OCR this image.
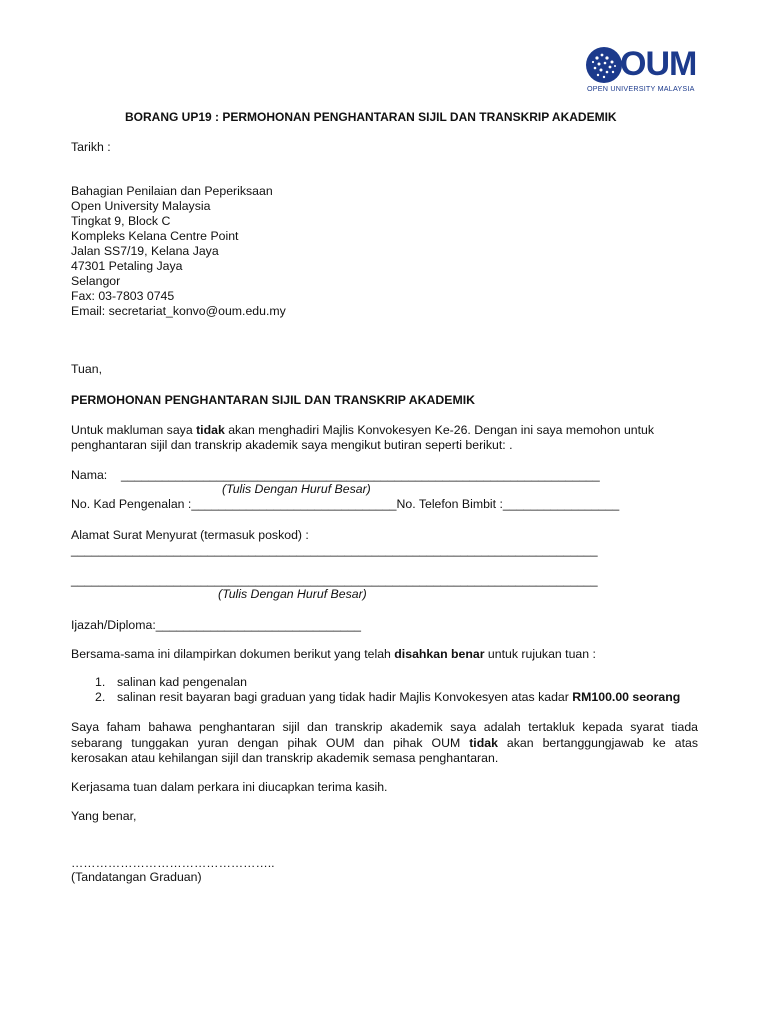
OUM
OPEN UNIVERSITY MALAYSIA
BORANG UP19 : PERMOHONAN PENGHANTARAN SIJIL DAN TRANSKRIP AKADEMIK
Tarikh :
Bahagian Penilaian dan Peperiksaan
Open University Malaysia
Tingkat 9, Block C
Kompleks Kelana Centre Point
Jalan SS7/19, Kelana Jaya
47301 Petaling Jaya
Selangor
Fax: 03-7803 0745
Email: secretariat_konvo@oum.edu.my
Tuan,
PERMOHONAN PENGHANTARAN SIJIL DAN TRANSKRIP AKADEMIK
Untuk makluman saya tidak akan menghadiri Majlis Konvokesyen Ke-26. Dengan ini saya memohon untuk
penghantaran sijil dan transkrip akademik saya mengikut butiran seperti berikut: .
Nama: ______________________________________________________________________
(Tulis Dengan Huruf Besar)
No. Kad Pengenalan :______________________________No. Telefon Bimbit :_________________
Alamat Surat Menyurat (termasuk poskod) :
_____________________________________________________________________________
_____________________________________________________________________________
(Tulis Dengan Huruf Besar)
Ijazah/Diploma:______________________________
Bersama-sama ini dilampirkan dokumen berikut yang telah disahkan benar untuk rujukan tuan :
1. salinan kad pengenalan
2. salinan resit bayaran bagi graduan yang tidak hadir Majlis Konvokesyen atas kadar RM100.00 seorang
Saya faham bahawa penghantaran sijil dan transkrip akademik saya adalah tertakluk kepada syarat tiada
sebarang tunggakan yuran dengan pihak OUM dan pihak OUM tidak akan bertanggungjawab ke atas
kerosakan atau kehilangan sijil dan transkrip akademik semasa penghantaran.
Kerjasama tuan dalam perkara ini diucapkan terima kasih.
Yang benar,
…………………………………………..
(Tandatangan Graduan)
